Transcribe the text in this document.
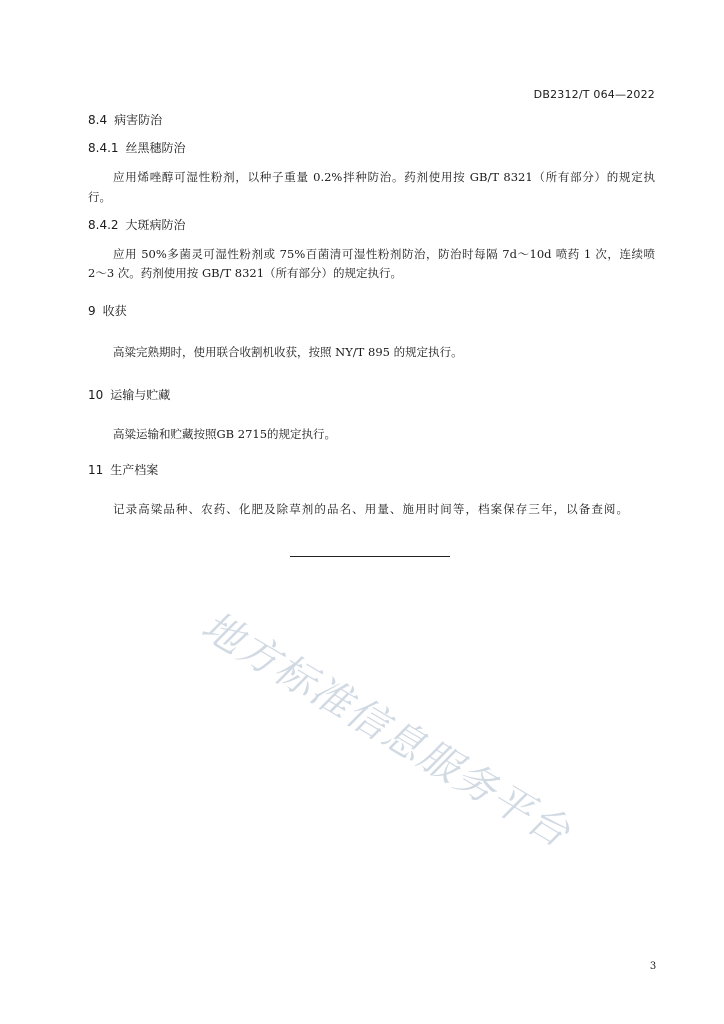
DB2312/T 064—2022
8.4 病害防治
8.4.1 丝黑穗防治
应用烯唑醇可湿性粉剂，以种子重量 0.2%拌种防治。药剂使用按 GB/T 8321（所有部分）的规定执
行。
8.4.2 大斑病防治
应用 50%多菌灵可湿性粉剂或 75%百菌清可湿性粉剂防治，防治时每隔 7d～10d 喷药 1 次，连续喷
2～3 次。药剂使用按 GB/T 8321（所有部分）的规定执行。
9 收获
高粱完熟期时，使用联合收割机收获，按照 NY/T 895 的规定执行。
10 运输与贮藏
高粱运输和贮藏按照GB 2715的规定执行。
11 生产档案
记录高粱品种、农药、化肥及除草剂的品名、用量、施用时间等，档案保存三年，以备查阅。
地方标准信息服务平台
3
